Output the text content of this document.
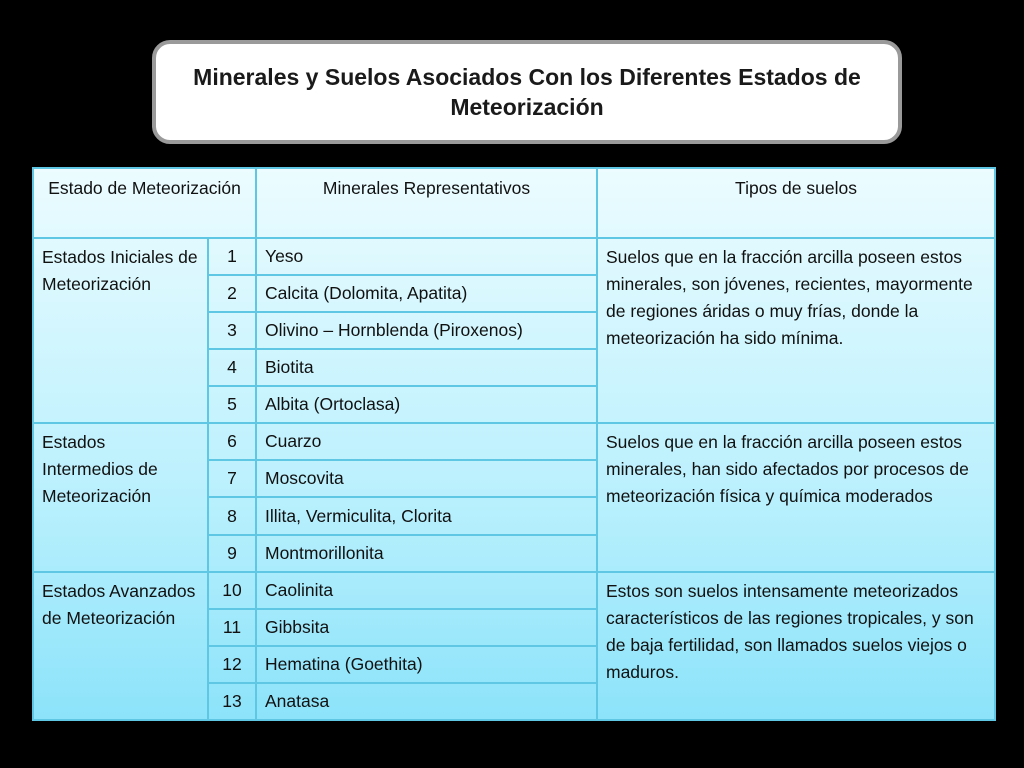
Minerales y Suelos Asociados Con los Diferentes Estados de Meteorización
Estado de Meteorización		Minerales Representativos	Tipos de suelos
Estados Iniciales de Meteorización	1	Yeso	Suelos que en la fracción arcilla poseen estos minerales, son jóvenes, recientes, mayormente de regiones áridas o muy frías, donde la meteorización ha sido mínima.
	2	Calcita (Dolomita, Apatita)	
	3	Olivino – Hornblenda (Piroxenos)	
	4	Biotita	
	5	Albita (Ortoclasa)	
Estados Intermedios de Meteorización	6	Cuarzo	Suelos que en la fracción arcilla poseen estos minerales, han sido afectados por procesos de meteorización física y química moderados
	7	Moscovita	
	8	Illita, Vermiculita, Clorita	
	9	Montmorillonita	
Estados Avanzados de Meteorización	10	Caolinita	Estos son suelos intensamente meteorizados característicos de las regiones tropicales, y son de baja fertilidad, son llamados suelos viejos o maduros.
	11	Gibbsita	
	12	Hematina (Goethita)	
	13	Anatasa	
